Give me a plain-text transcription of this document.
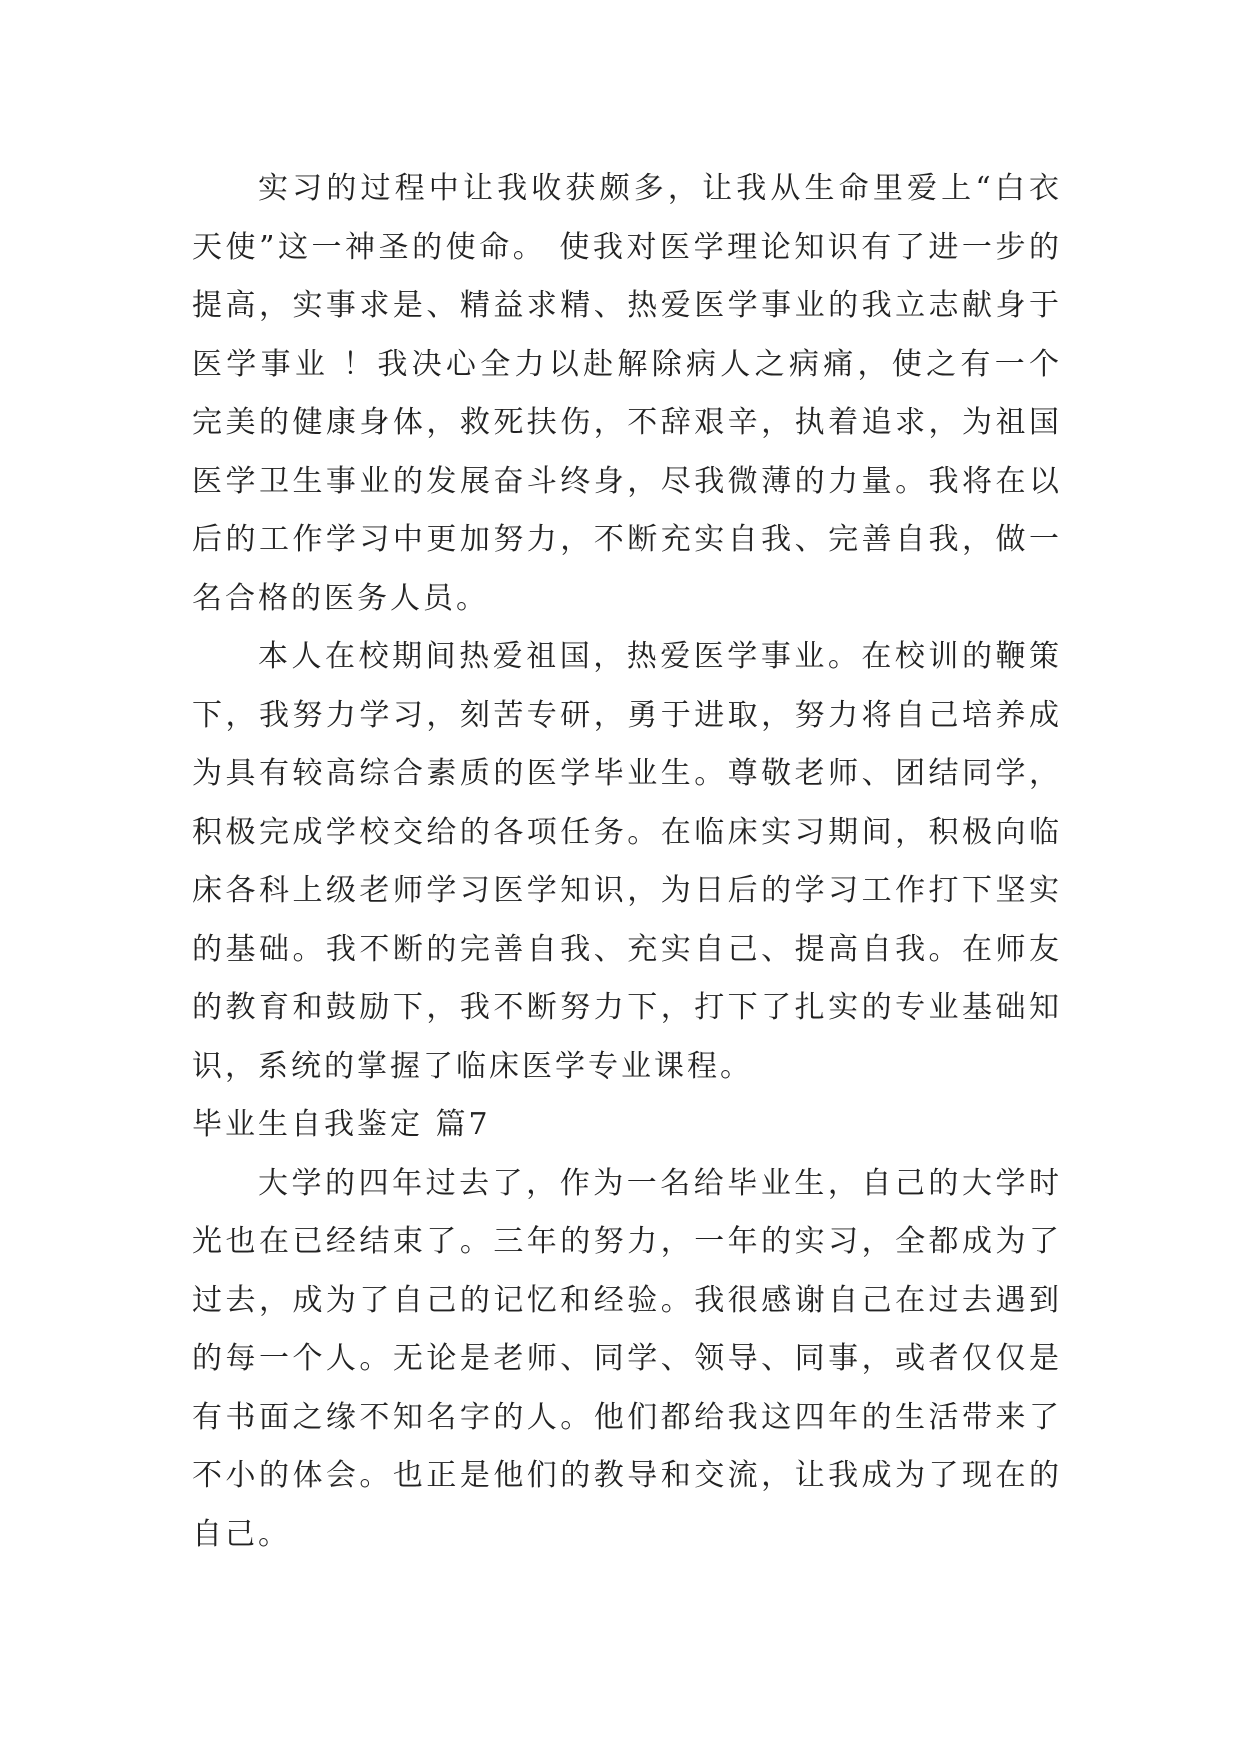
实习的过程中让我收获颇多，让我从生命里爱上“白衣天使”这一神圣的使命。 使我对医学理论知识有了进一步的提高，实事求是、精益求精、热爱医学事业的我立志献身于医学事业 ！我决心全力以赴解除病人之病痛，使之有一个完美的健康身体，救死扶伤，不辞艰辛，执着追求，为祖国医学卫生事业的发展奋斗终身，尽我微薄的力量。我将在以后的工作学习中更加努力，不断充实自我、完善自我，做一名合格的医务人员。

本人在校期间热爱祖国，热爱医学事业。在校训的鞭策下，我努力学习，刻苦专研，勇于进取，努力将自己培养成为具有较高综合素质的医学毕业生。尊敬老师、团结同学，积极完成学校交给的各项任务。在临床实习期间，积极向临床各科上级老师学习医学知识，为日后的学习工作打下坚实的基础。我不断的完善自我、充实自己、提高自我。在师友的教育和鼓励下，我不断努力下，打下了扎实的专业基础知识，系统的掌握了临床医学专业课程。

毕业生自我鉴定 篇7

大学的四年过去了，作为一名给毕业生，自己的大学时光也在已经结束了。三年的努力，一年的实习，全都成为了过去，成为了自己的记忆和经验。我很感谢自己在过去遇到的每一个人。无论是老师、同学、领导、同事，或者仅仅是有书面之缘不知名字的人。他们都给我这四年的生活带来了不小的体会。也正是他们的教导和交流，让我成为了现在的自己。
